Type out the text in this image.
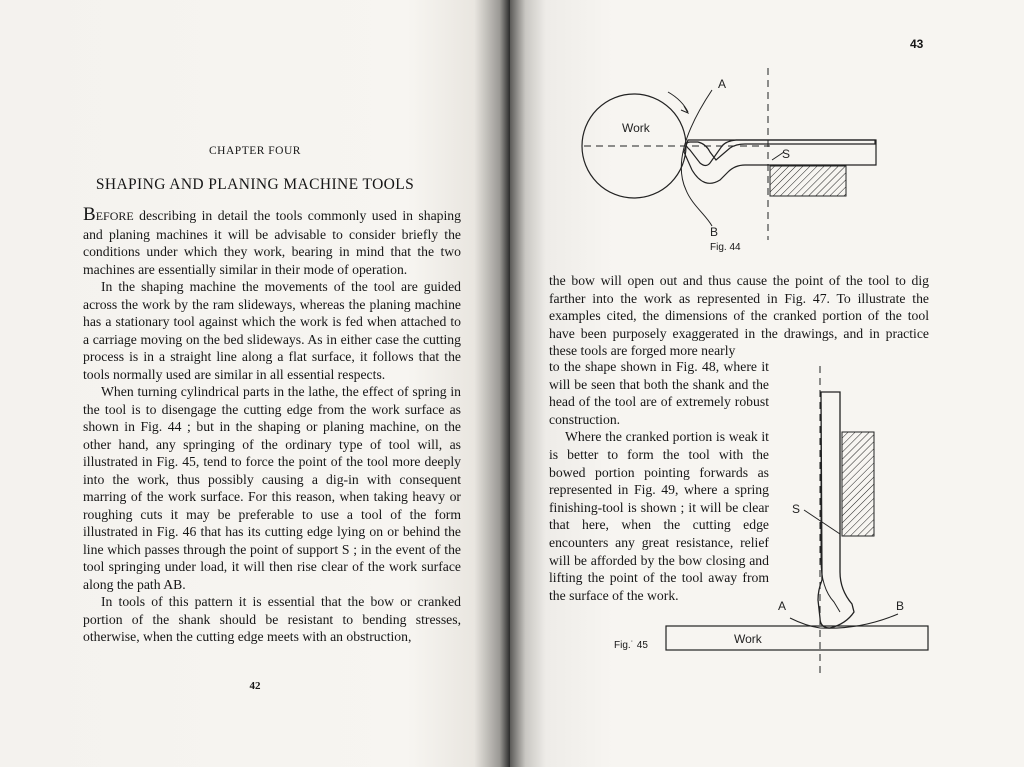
CHAPTER FOUR
SHAPING AND PLANING MACHINE TOOLS

BEFORE describing in detail the tools commonly used in shaping and planing machines it will be advisable to consider briefly the conditions under which they work, bearing in mind that the two machines are essentially similar in their mode of operation.

In the shaping machine the movements of the tool are guided across the work by the ram slideways, whereas the planing machine has a stationary tool against which the work is fed when attached to a carriage moving on the bed slideways. As in either case the cutting process is in a straight line along a flat surface, it follows that the tools normally used are similar in all essential respects.

When turning cylindrical parts in the lathe, the effect of spring in the tool is to disengage the cutting edge from the work surface as shown in Fig. 44 ; but in the shaping or planing machine, on the other hand, any springing of the ordinary type of tool will, as illustrated in Fig. 45, tend to force the point of the tool more deeply into the work, thus possibly causing a dig-in with consequent marring of the work surface. For this reason, when taking heavy or roughing cuts it may be preferable to use a tool of the form illustrated in Fig. 46 that has its cutting edge lying on or behind the line which passes through the point of support S ; in the event of the tool springing under load, it will then rise clear of the work surface along the path AB.

In tools of this pattern it is essential that the bow or cranked portion of the shank should be resistant to bending stresses, otherwise, when the cutting edge meets with an obstruction,

42
43

the bow will open out and thus cause the point of the tool to dig farther into the work as represented in Fig. 47. To illustrate the examples cited, the dimensions of the cranked portion of the tool have been purposely exaggerated in the drawings, and in practice these tools are forged more nearly

to the shape shown in Fig. 48, where it will be seen that both the shank and the head of the tool are of extremely robust construction.

Where the cranked portion is weak it is better to form the tool with the bowed portion pointing forwards as represented in Fig. 49, where a spring finishing-tool is shown ; it will be clear that here, when the cutting edge encounters any great resistance, relief will be afforded by the bow closing and lifting the point of the tool away from the surface of the work.

Fig. 44
Fig.˙ 45
Work
A
B
S
Work
A	B
S
